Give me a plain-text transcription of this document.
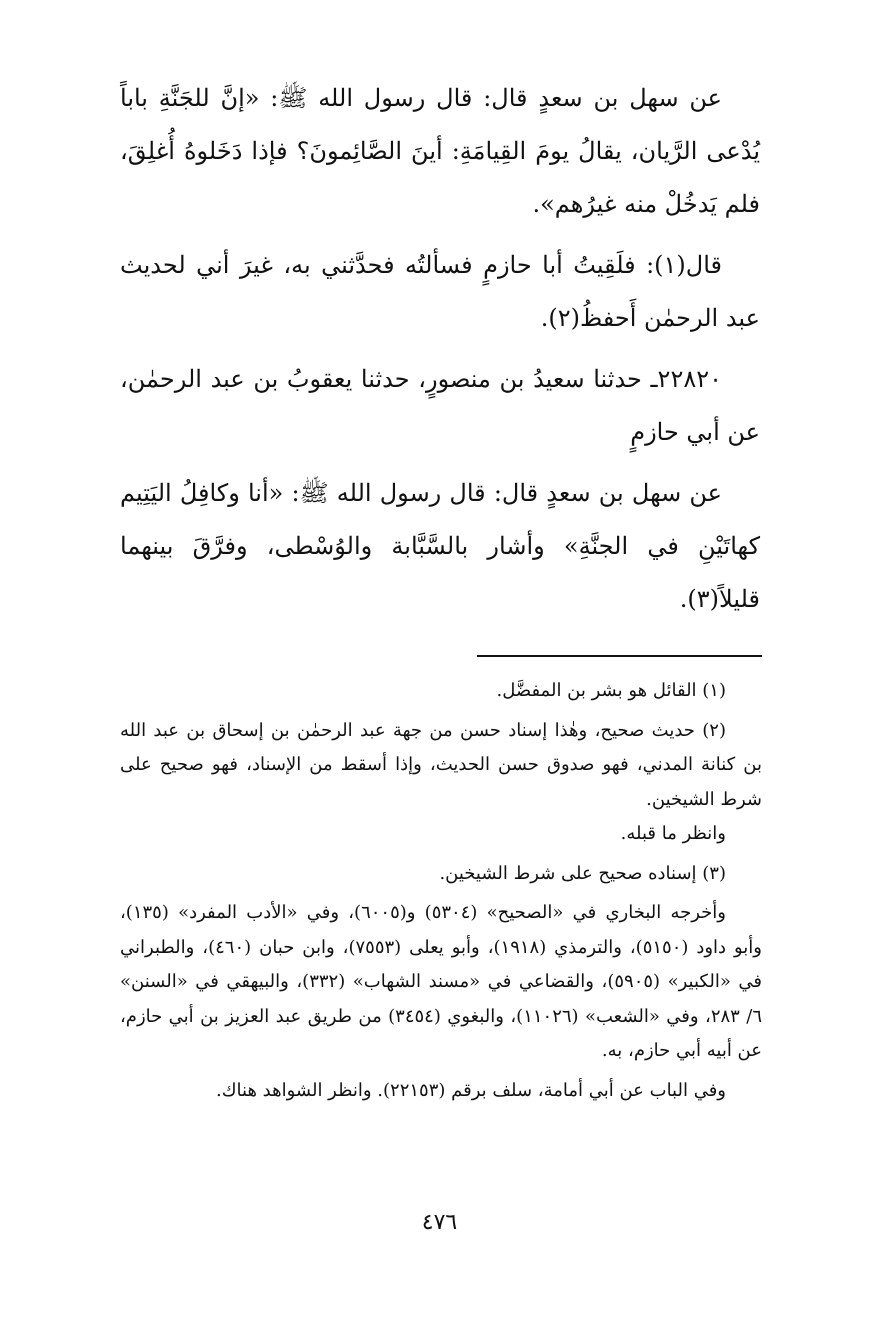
عن سهل بن سعدٍ قال: قال رسول الله ﷺ: «إنَّ للجَنَّةِ باباً يُدْعى الرَّيان، يقالُ يومَ القِيامَةِ: أينَ الصَّائِمونَ؟ فإذا دَخَلوهُ أُغلِقَ، فلم يَدخُلْ منه غيرُهم».

قال(١): فلَقِيتُ أبا حازمٍ فسألتُه فحدَّثني به، غيرَ أني لحديث عبد الرحمٰن أَحفظُ(٢).

٢٢٨٢٠ـ حدثنا سعيدُ بن منصورٍ، حدثنا يعقوبُ بن عبد الرحمٰن، عن أبي حازمٍ

عن سهل بن سعدٍ قال: قال رسول الله ﷺ: «أنا وكافِلُ اليَتِيم كهاتَيْنِ في الجنَّةِ» وأشار بالسَّبَّابة والوُسْطى، وفرَّقَ بينهما قليلاً(٣).

(١) القائل هو بشر بن المفضَّل.

(٢) حديث صحيح، وهٰذا إسناد حسن من جهة عبد الرحمٰن بن إسحاق بن عبد الله بن كنانة المدني، فهو صدوق حسن الحديث، وإذا أسقط من الإسناد، فهو صحيح على شرط الشيخين.

وانظر ما قبله.

(٣) إسناده صحيح على شرط الشيخين.

وأخرجه البخاري في «الصحيح» (٥٣٠٤) و(٦٠٠٥)، وفي «الأدب المفرد» (١٣٥)، وأبو داود (٥١٥٠)، والترمذي (١٩١٨)، وأبو يعلى (٧٥٥٣)، وابن حبان (٤٦٠)، والطبراني في «الكبير» (٥٩٠٥)، والقضاعي في «مسند الشهاب» (٣٣٢)، والبيهقي في «السنن» ٦/ ٢٨٣، وفي «الشعب» (١١٠٢٦)، والبغوي (٣٤٥٤) من طريق عبد العزيز بن أبي حازم، عن أبيه أبي حازم، به.

وفي الباب عن أبي أمامة، سلف برقم (٢٢١٥٣). وانظر الشواهد هناك.

٤٧٦
